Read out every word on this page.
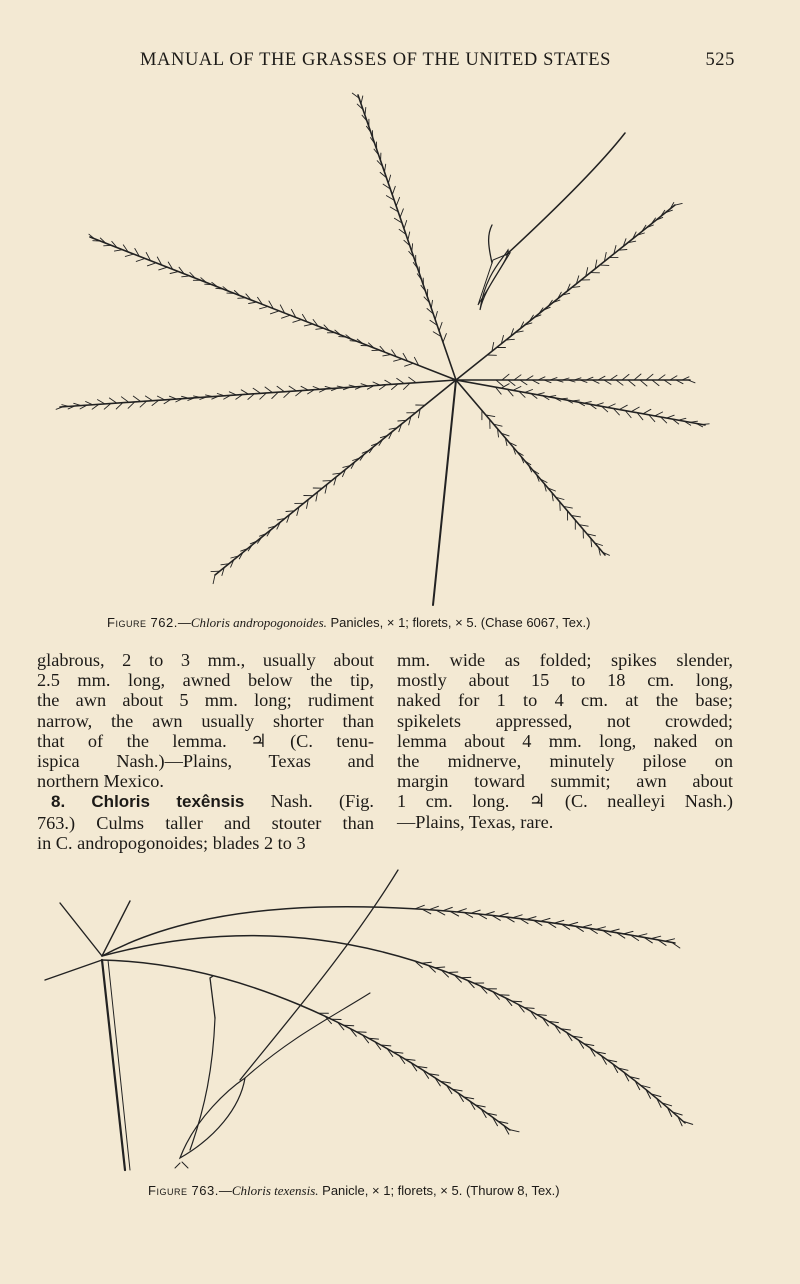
MANUAL OF THE GRASSES OF THE UNITED STATES	525
Figure 762.—Chloris andropogonoides. Panicles, × 1; florets, × 5. (Chase 6067, Tex.)
glabrous, 2 to 3 mm., usually about
2.5 mm. long, awned below the tip,
the awn about 5 mm. long; rudiment
narrow, the awn usually shorter than
that of the lemma. ♃ (C. tenu-
ispica Nash.)—Plains, Texas and
northern Mexico.
8. Chloris texênsis Nash. (Fig.
763.) Culms taller and stouter than
in C. andropogonoides; blades 2 to 3
mm. wide as folded; spikes slender,
mostly about 15 to 18 cm. long,
naked for 1 to 4 cm. at the base;
spikelets appressed, not crowded;
lemma about 4 mm. long, naked on
the midnerve, minutely pilose on
margin toward summit; awn about
1 cm. long. ♃ (C. nealleyi Nash.)
—Plains, Texas, rare.
Figure 763.—Chloris texensis. Panicle, × 1; florets, × 5. (Thurow 8, Tex.)
